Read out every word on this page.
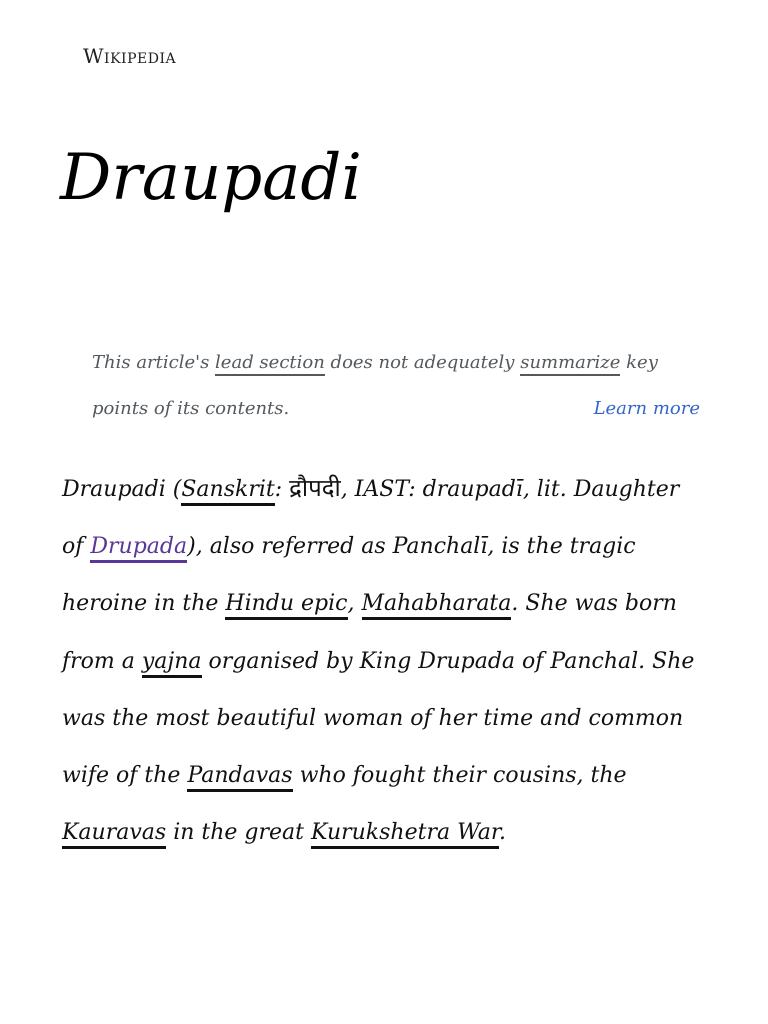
Wikipedia
Draupadi
This article's lead section does not adequately summarize key points of its contents.	Learn more

Draupadi (Sanskrit: द्रौपदी, IAST: draupadī, lit. Daughter of Drupada), also referred as Panchalī, is the tragic heroine in the Hindu epic, Mahabharata. She was born from a yajna organised by King Drupada of Panchal. She was the most beautiful woman of her time and common wife of the Pandavas who fought their cousins, the Kauravas in the great Kurukshetra War.
